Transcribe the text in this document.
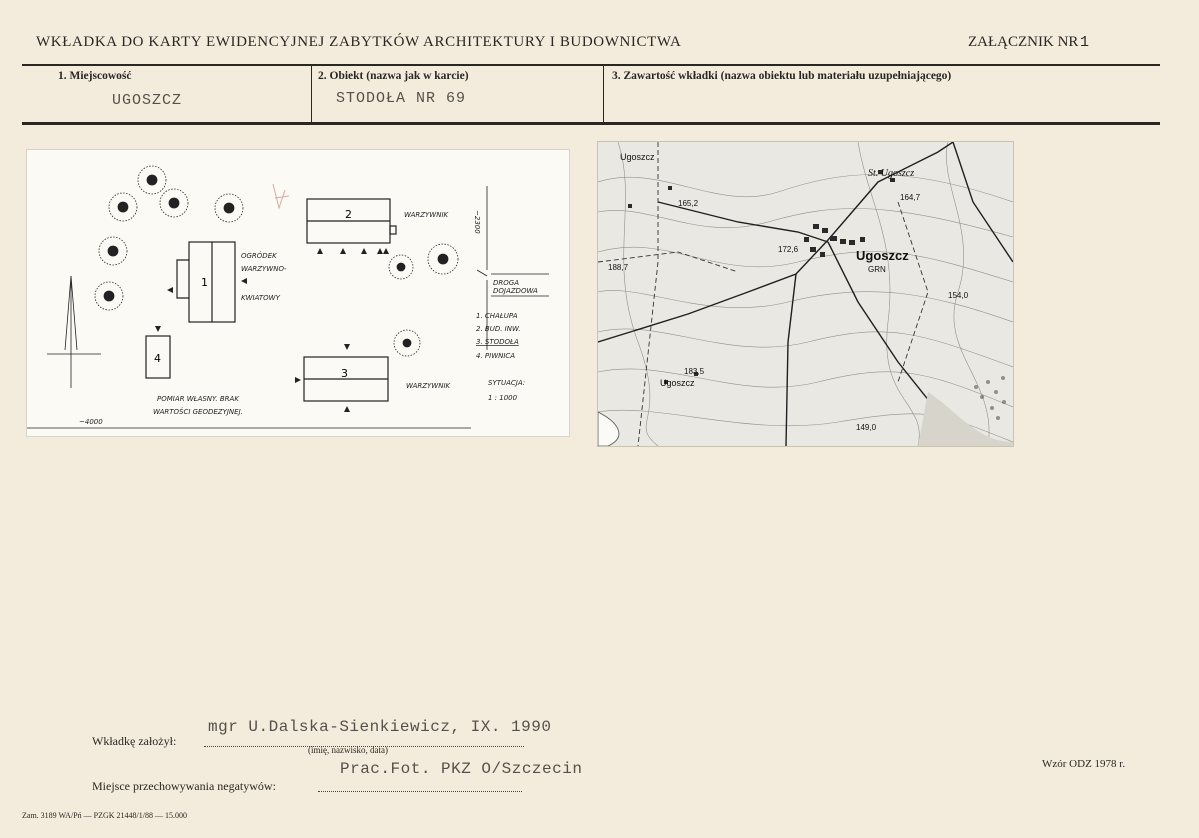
WKŁADKA DO KARTY EWIDENCYJNEJ ZABYTKÓW ARCHITEKTURY I BUDOWNICTWA	ZAŁĄCZNIK NR 1
1. Miejscowość
UGOSZCZ
2. Obiekt (nazwa jak w karcie)
STODOŁA NR 69
3. Zawartość wkładki (nazwa obiektu lub materiału uzupełniającego)
1
OGRÓDEK
WARZYWNO-
KWIATOWY
2	WARZYWNIK
3
WARZYWNIK
4
~2300
~4000
DROGA
DOJAZDOWA
1. CHAŁUPA
2. BUD. INW.
3. STODOŁA
4. PIWNICA
SYTUACJA:
1 : 1000
POMIAR WŁASNY. BRAK
WARTOŚCI GEODEZYJNEJ.
Ugoszcz
St. Ugoszcz
Ugoszcz
GRN
Ugoszcz
165,2
164,7
172,6
188,7
154,0
183,5
149,0
Wkładkę założył:
mgr U.Dalska-Sienkiewicz, IX. 1990
(imię, nazwisko, data)
Prac.Fot. PKZ O/Szczecin
Miejsce przechowywania negatywów:
Wzór ODZ 1978 r.
Zam. 3189 WA/Pń — PZGK 21448/1/88 — 15.000
